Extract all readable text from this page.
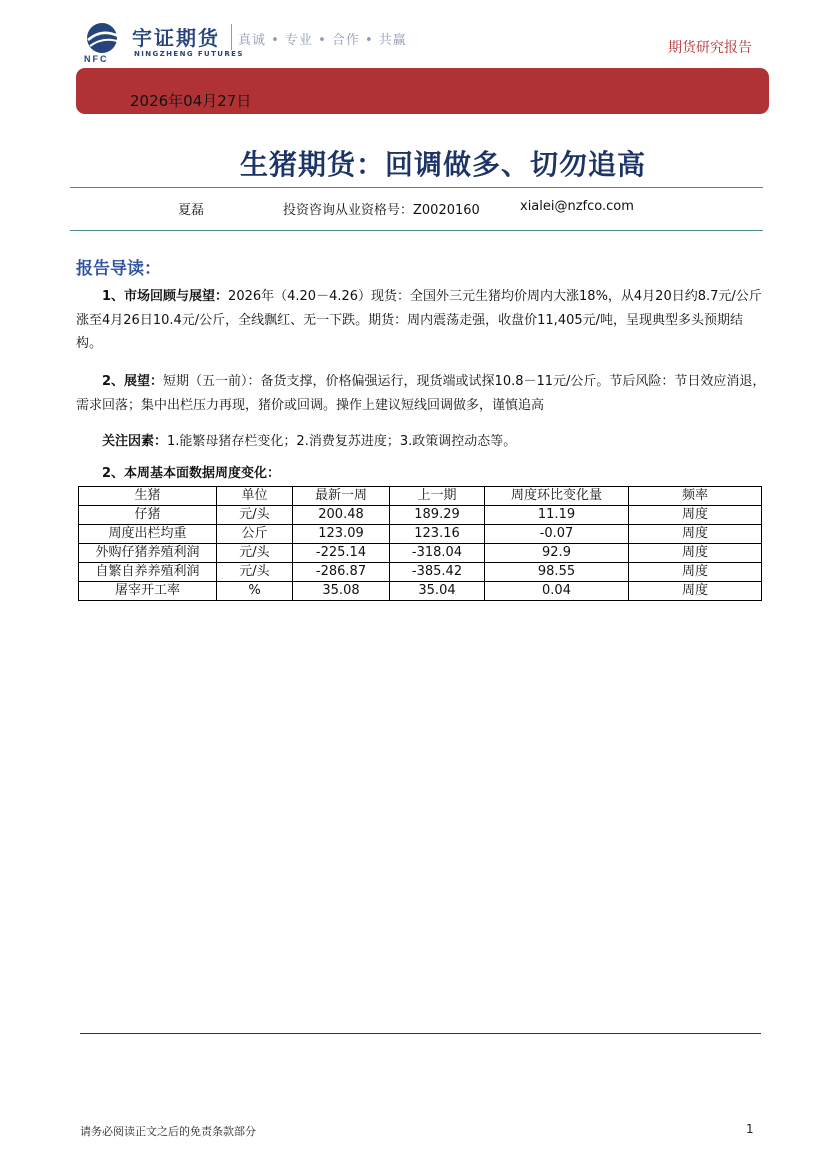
NFC
宇证期货
NINGZHENG FUTURES
真诚 • 专业 • 合作 • 共赢	期货研究报告
2026年04月27日
生猪期货：回调做多、切勿追高
夏磊	投资咨询从业资格号：Z0020160	xialei@nzfco.com
报告导读：
1、市场回顾与展望：2026年（4.20－4.26）现货：全国外三元生猪均价周内大涨18%，从4月20日约8.7元/公斤涨至4月26日10.4元/公斤，全线飘红、无一下跌。期货：周内震荡走强，收盘价11,405元/吨，呈现典型多头预期结构。
2、展望：短期（五一前）：备货支撑，价格偏强运行，现货端或试探10.8－11元/公斤。节后风险：节日效应消退，需求回落；集中出栏压力再现，猪价或回调。操作上建议短线回调做多，谨慎追高
关注因素：1.能繁母猪存栏变化；2.消费复苏进度；3.政策调控动态等。
2、本周基本面数据周度变化：
生猪	单位	最新一周	上一期	周度环比变化量	频率
仔猪	元/头	200.48	189.29	11.19	周度
周度出栏均重	公斤	123.09	123.16	-0.07	周度
外购仔猪养殖利润	元/头	-225.14	-318.04	92.9	周度
自繁自养养殖利润	元/头	-286.87	-385.42	98.55	周度
屠宰开工率	%	35.08	35.04	0.04	周度
请务必阅读正文之后的免责条款部分	1
